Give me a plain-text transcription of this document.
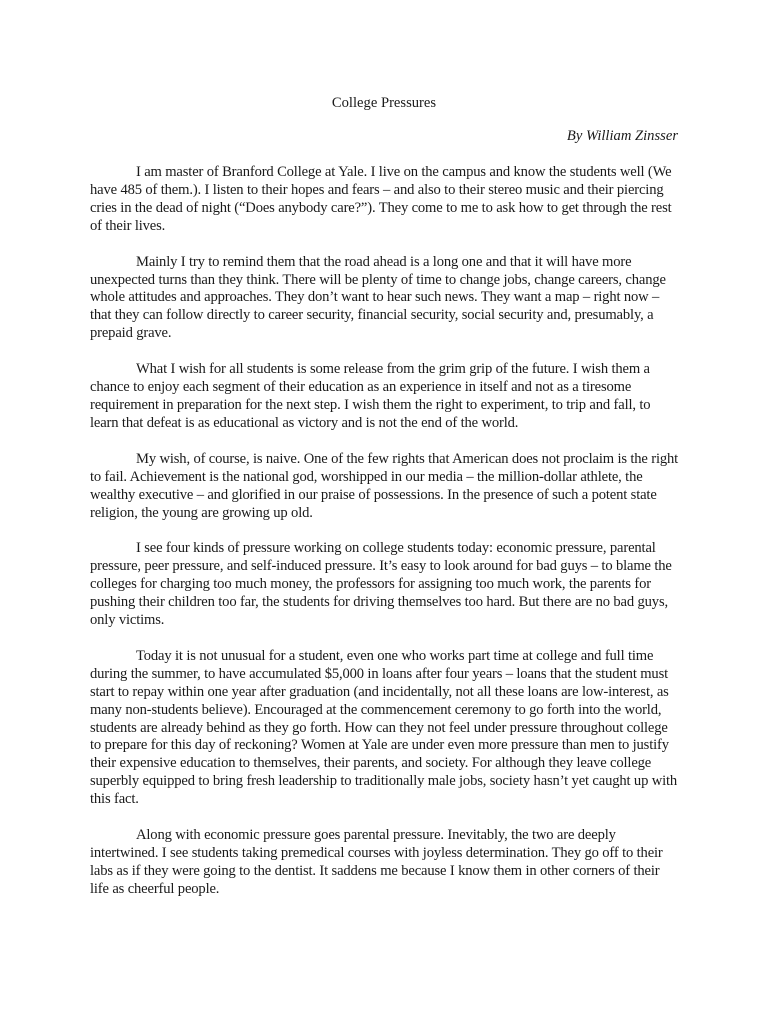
College Pressures

By William Zinsser

I am master of Branford College at Yale. I live on the campus and know the students well (We have 485 of them.). I listen to their hopes and fears – and also to their stereo music and their piercing cries in the dead of night (“Does anybody care?”). They come to me to ask how to get through the rest of their lives.

Mainly I try to remind them that the road ahead is a long one and that it will have more unexpected turns than they think. There will be plenty of time to change jobs, change careers, change whole attitudes and approaches. They don’t want to hear such news. They want a map – right now – that they can follow directly to career security, financial security, social security and, presumably, a prepaid grave.

What I wish for all students is some release from the grim grip of the future. I wish them a chance to enjoy each segment of their education as an experience in itself and not as a tiresome requirement in preparation for the next step. I wish them the right to experiment, to trip and fall, to learn that defeat is as educational as victory and is not the end of the world.

My wish, of course, is naive. One of the few rights that American does not proclaim is the right to fail. Achievement is the national god, worshipped in our media – the million-dollar athlete, the wealthy executive – and glorified in our praise of possessions. In the presence of such a potent state religion, the young are growing up old.

I see four kinds of pressure working on college students today: economic pressure, parental pressure, peer pressure, and self-induced pressure. It’s easy to look around for bad guys – to blame the colleges for charging too much money, the professors for assigning too much work, the parents for pushing their children too far, the students for driving themselves too hard. But there are no bad guys, only victims.

Today it is not unusual for a student, even one who works part time at college and full time during the summer, to have accumulated $5,000 in loans after four years – loans that the student must start to repay within one year after graduation (and incidentally, not all these loans are low-interest, as many non-students believe). Encouraged at the commencement ceremony to go forth into the world, students are already behind as they go forth. How can they not feel under pressure throughout college to prepare for this day of reckoning? Women at Yale are under even more pressure than men to justify their expensive education to themselves, their parents, and society. For although they leave college superbly equipped to bring fresh leadership to traditionally male jobs, society hasn’t yet caught up with this fact.

Along with economic pressure goes parental pressure. Inevitably, the two are deeply intertwined. I see students taking premedical courses with joyless determination. They go off to their labs as if they were going to the dentist. It saddens me because I know them in other corners of their life as cheerful people.
